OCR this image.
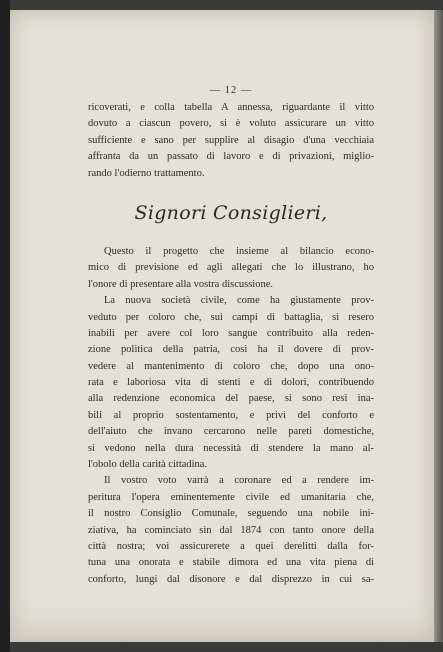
— 12 —
ricoverati, e colla tabella A annessa, riguardante il vitto
dovuto a ciascun povero, si è voluto assicurare un vitto
sufficiente e sano per supplire al disagio d'una vecchiaia
affranta da un passato di lavoro e di privazioni, miglio-
rando l'odierno trattamento.
Signori Consiglieri,
Questo il progetto che insieme al bilancio econo-
mico di previsione ed agli allegati che lo illustrano, ho
l'onore di presentare alla vostra discussione.
La nuova società civile, come ha giustamente prov-
veduto per coloro che, sui campi di battaglia, si resero
inabili per avere col loro sangue contribuito alla reden-
zione politica della patria, così ha il dovere di prov-
vedere al mantenimento di coloro che, dopo una ono-
rata e laboriosa vita di stenti e di dolori, contribuendo
alla redenzione economica del paese, si sono resi ina-
bili al proprio sostentamento, e privi del conforto e
dell'aiuto che invano cercarono nelle pareti domestiche,
si vedono nella dura necessità di stendere la mano al-
l'obolo della carità cittadina.
Il vostro voto varrà a coronare ed a rendere im-
peritura l'opera eminentemente civile ed umanitaria che,
il nostro Consiglio Comunale, seguendo una nobile ini-
ziativa, ha cominciato sin dal 1874 con tanto onore della
città nostra; voi assicurerete a quei derelitti dalla for-
tuna una onorata e stabile dimora ed una vita piena di
conforto, lungi dal disonore e dal disprezzo in cui sa-
